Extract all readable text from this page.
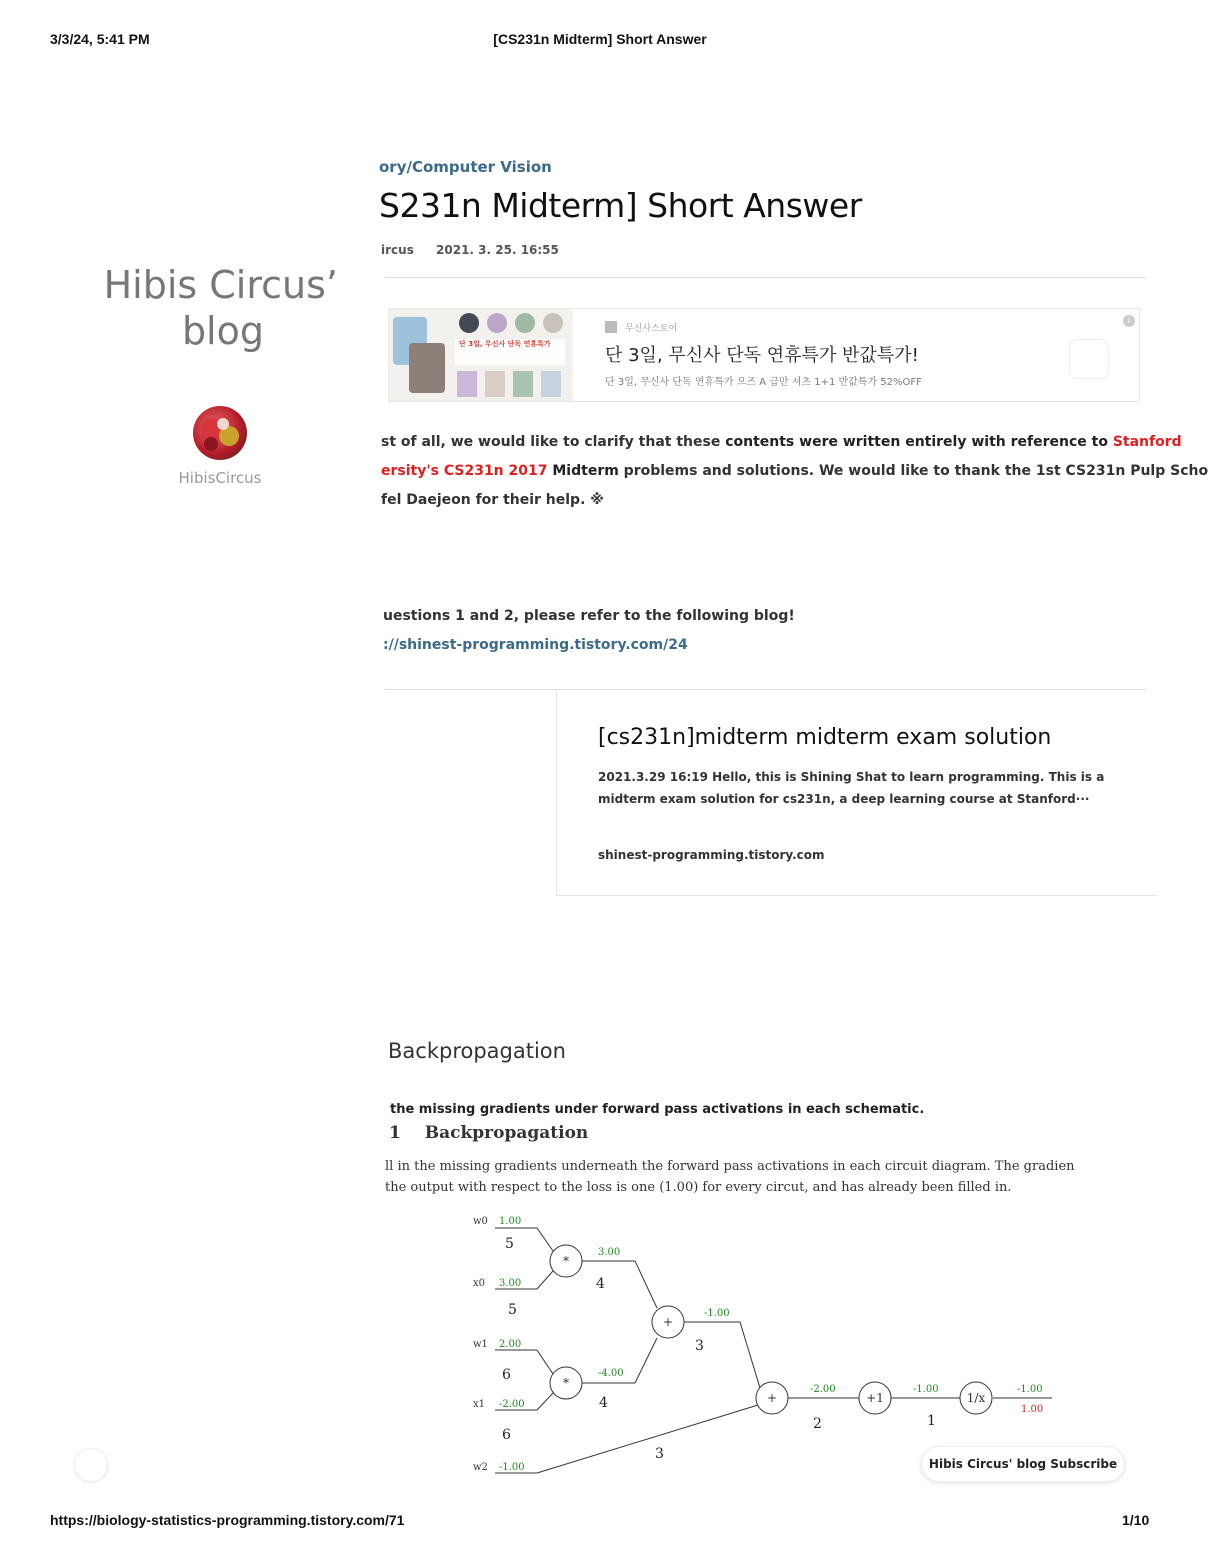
3/3/24, 5:41 PM	[CS231n Midterm] Short Answer
Hibis Circus’
blog
HibisCircus
ory/Computer Vision
S231n Midterm] Short Answer
ircus 2021. 3. 25. 16:55
단 3일, 무신사 단독 연휴특가
무신사스토어
단 3일, 무신사 단독 연휴특가 반값특가!
단 3일, 무신사 단독 연휴특가 으즈 A 급만 셔츠 1+1 반값특가 52%OFF
i
st of all, we would like to clarify that these contents were written entirely with reference to Stanford
ersity's CS231n 2017 Midterm problems and solutions. We would like to thank the 1st CS231n Pulp Scho
fel Daejeon for their help. ※
uestions 1 and 2, please refer to the following blog!
://shinest-programming.tistory.com/24
[cs231n]midterm midterm exam solution
2021.3.29 16:19 Hello, this is Shining Shat to learn programming. This is a
midterm exam solution for cs231n, a deep learning course at Stanford···
shinest-programming.tistory.com
Backpropagation
the missing gradients under forward pass activations in each schematic.
1 Backpropagation
ll in the missing gradients underneath the forward pass activations in each circuit diagram. The gradien
the output with respect to the loss is one (1.00) for every circut, and has already been filled in.
*
*
+
+	+1	1/x
w0
x0
w1
x1
w2
1.00
3.00
2.00
-2.00
-1.00
3.00
-4.00
-1.00
-2.00	-1.00	-1.00
5
5
6
6
3
4
4
3
2	1
1.00
Hibis Circus' blog Subscribe
https://biology-statistics-programming.tistory.com/71	1/10
